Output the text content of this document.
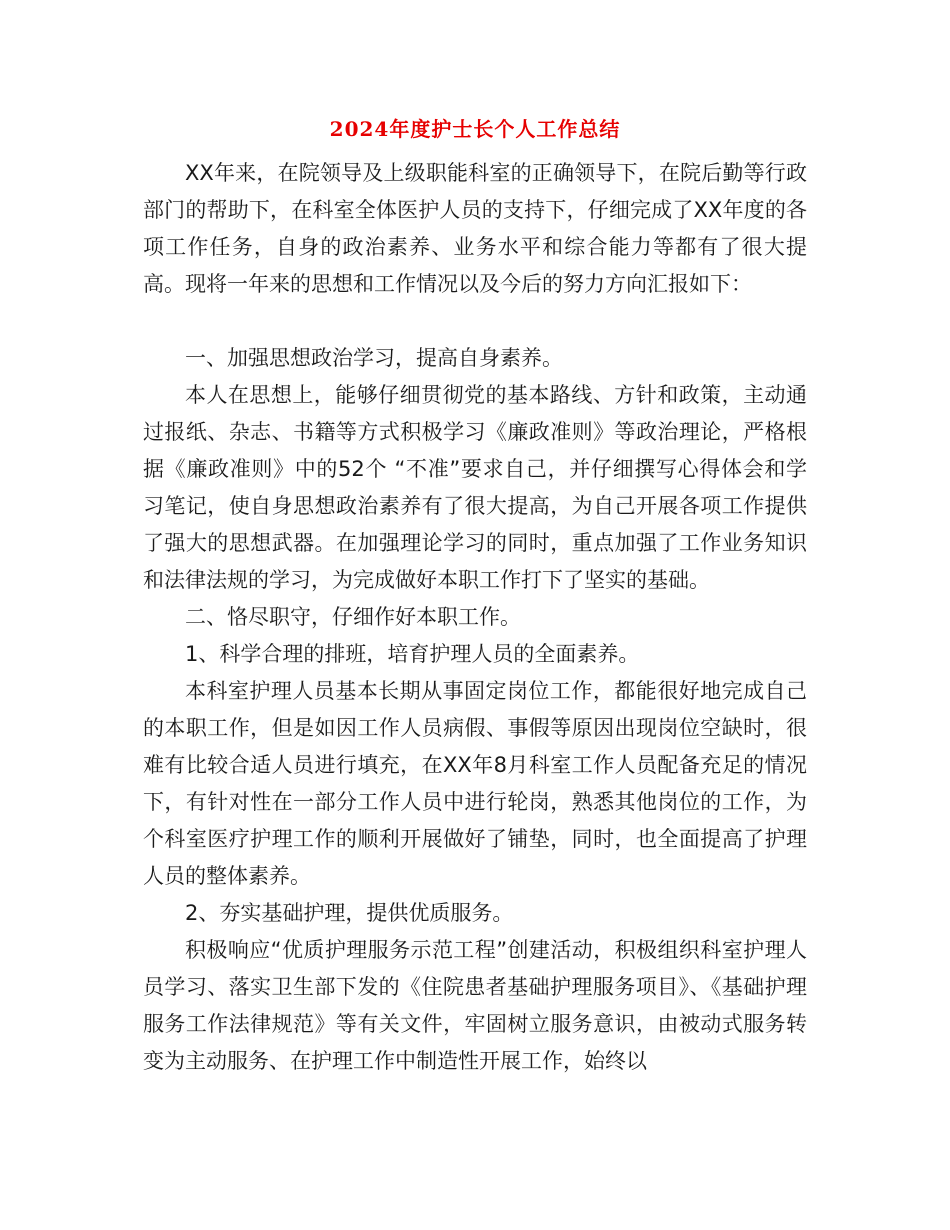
2024年度护士长个人工作总结

XX年来，在院领导及上级职能科室的正确领导下，在院后勤等行政部门的帮助下，在科室全体医护人员的支持下，仔细完成了XX年度的各项工作任务，自身的政治素养、业务水平和综合能力等都有了很大提高。现将一年来的思想和工作情况以及今后的努力方向汇报如下：

一、加强思想政治学习，提高自身素养。

本人在思想上，能够仔细贯彻党的基本路线、方针和政策，主动通过报纸、杂志、书籍等方式积极学习《廉政准则》等政治理论，严格根据《廉政准则》中的52个 “不准”要求自己，并仔细撰写心得体会和学习笔记，使自身思想政治素养有了很大提高，为自己开展各项工作提供了强大的思想武器。在加强理论学习的同时，重点加强了工作业务知识和法律法规的学习，为完成做好本职工作打下了坚实的基础。

二、恪尽职守，仔细作好本职工作。

1、科学合理的排班，培育护理人员的全面素养。

本科室护理人员基本长期从事固定岗位工作，都能很好地完成自己的本职工作，但是如因工作人员病假、事假等原因出现岗位空缺时，很难有比较合适人员进行填充，在XX年8月科室工作人员配备充足的情况下，有针对性在一部分工作人员中进行轮岗，熟悉其他岗位的工作，为个科室医疗护理工作的顺利开展做好了铺垫，同时，也全面提高了护理人员的整体素养。

2、夯实基础护理，提供优质服务。

积极响应“优质护理服务示范工程”创建活动，积极组织科室护理人员学习、落实卫生部下发的《住院患者基础护理服务项目》、《基础护理服务工作法律规范》等有关文件，牢固树立服务意识，由被动式服务转变为主动服务、在护理工作中制造性开展工作，始终以
